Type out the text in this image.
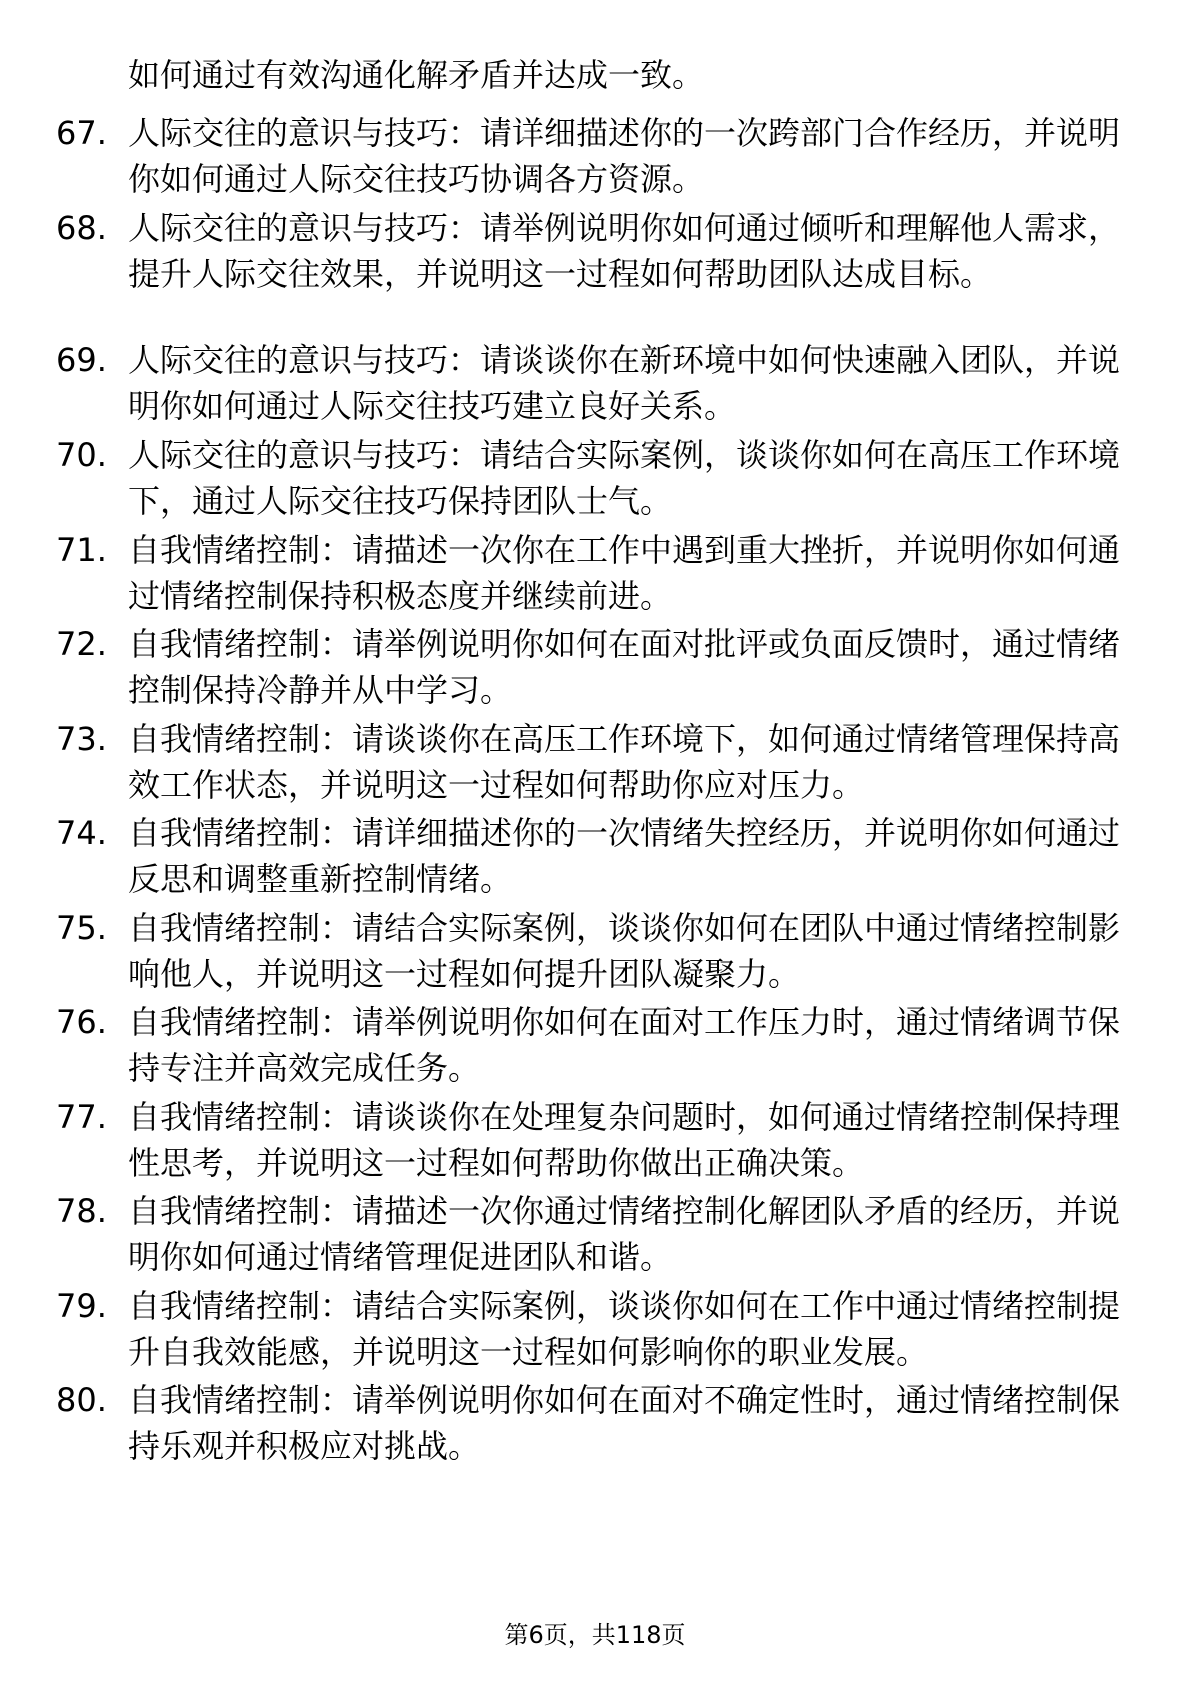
如何通过有效沟通化解矛盾并达成一致。
67. 人际交往的意识与技巧：请详细描述你的一次跨部门合作经历，并说明你如何通过人际交往技巧协调各方资源。
68. 人际交往的意识与技巧：请举例说明你如何通过倾听和理解他人需求，提升人际交往效果，并说明这一过程如何帮助团队达成目标。
69. 人际交往的意识与技巧：请谈谈你在新环境中如何快速融入团队，并说明你如何通过人际交往技巧建立良好关系。
70. 人际交往的意识与技巧：请结合实际案例，谈谈你如何在高压工作环境下，通过人际交往技巧保持团队士气。
71. 自我情绪控制：请描述一次你在工作中遇到重大挫折，并说明你如何通过情绪控制保持积极态度并继续前进。
72. 自我情绪控制：请举例说明你如何在面对批评或负面反馈时，通过情绪控制保持冷静并从中学习。
73. 自我情绪控制：请谈谈你在高压工作环境下，如何通过情绪管理保持高效工作状态，并说明这一过程如何帮助你应对压力。
74. 自我情绪控制：请详细描述你的一次情绪失控经历，并说明你如何通过反思和调整重新控制情绪。
75. 自我情绪控制：请结合实际案例，谈谈你如何在团队中通过情绪控制影响他人，并说明这一过程如何提升团队凝聚力。
76. 自我情绪控制：请举例说明你如何在面对工作压力时，通过情绪调节保持专注并高效完成任务。
77. 自我情绪控制：请谈谈你在处理复杂问题时，如何通过情绪控制保持理性思考，并说明这一过程如何帮助你做出正确决策。
78. 自我情绪控制：请描述一次你通过情绪控制化解团队矛盾的经历，并说明你如何通过情绪管理促进团队和谐。
79. 自我情绪控制：请结合实际案例，谈谈你如何在工作中通过情绪控制提升自我效能感，并说明这一过程如何影响你的职业发展。
80. 自我情绪控制：请举例说明你如何在面对不确定性时，通过情绪控制保持乐观并积极应对挑战。
第6页，共118页
